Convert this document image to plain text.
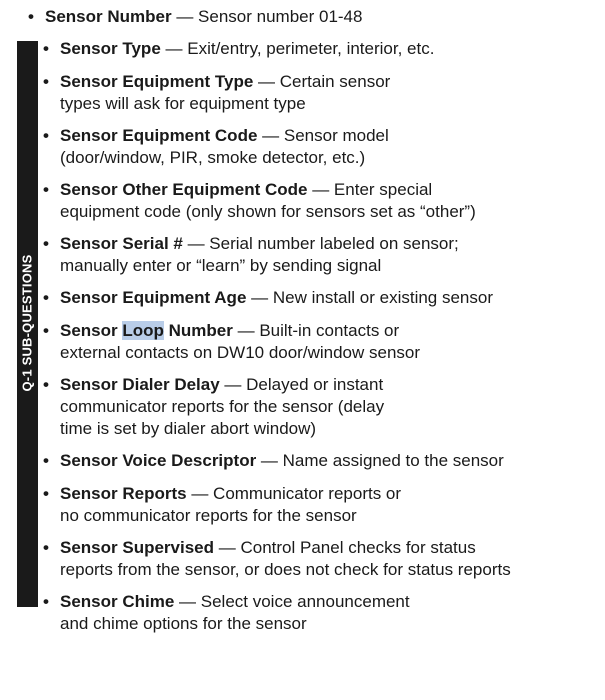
• Sensor Number — Sensor number 01-48
Q-1 SUB-QUESTIONS
• Sensor Type — Exit/entry, perimeter, interior, etc.
• Sensor Equipment Type — Certain sensor
types will ask for equipment type
• Sensor Equipment Code — Sensor model
(door/window, PIR, smoke detector, etc.)
• Sensor Other Equipment Code — Enter special
equipment code (only shown for sensors set as “other”)
• Sensor Serial # — Serial number labeled on sensor;
manually enter or “learn” by sending signal
• Sensor Equipment Age — New install or existing sensor
• Sensor Loop Number — Built-in contacts or
external contacts on DW10 door/window sensor
• Sensor Dialer Delay — Delayed or instant
communicator reports for the sensor (delay
time is set by dialer abort window)
• Sensor Voice Descriptor — Name assigned to the sensor
• Sensor Reports — Communicator reports or
no communicator reports for the sensor
• Sensor Supervised — Control Panel checks for status
reports from the sensor, or does not check for status reports
• Sensor Chime — Select voice announcement
and chime options for the sensor
